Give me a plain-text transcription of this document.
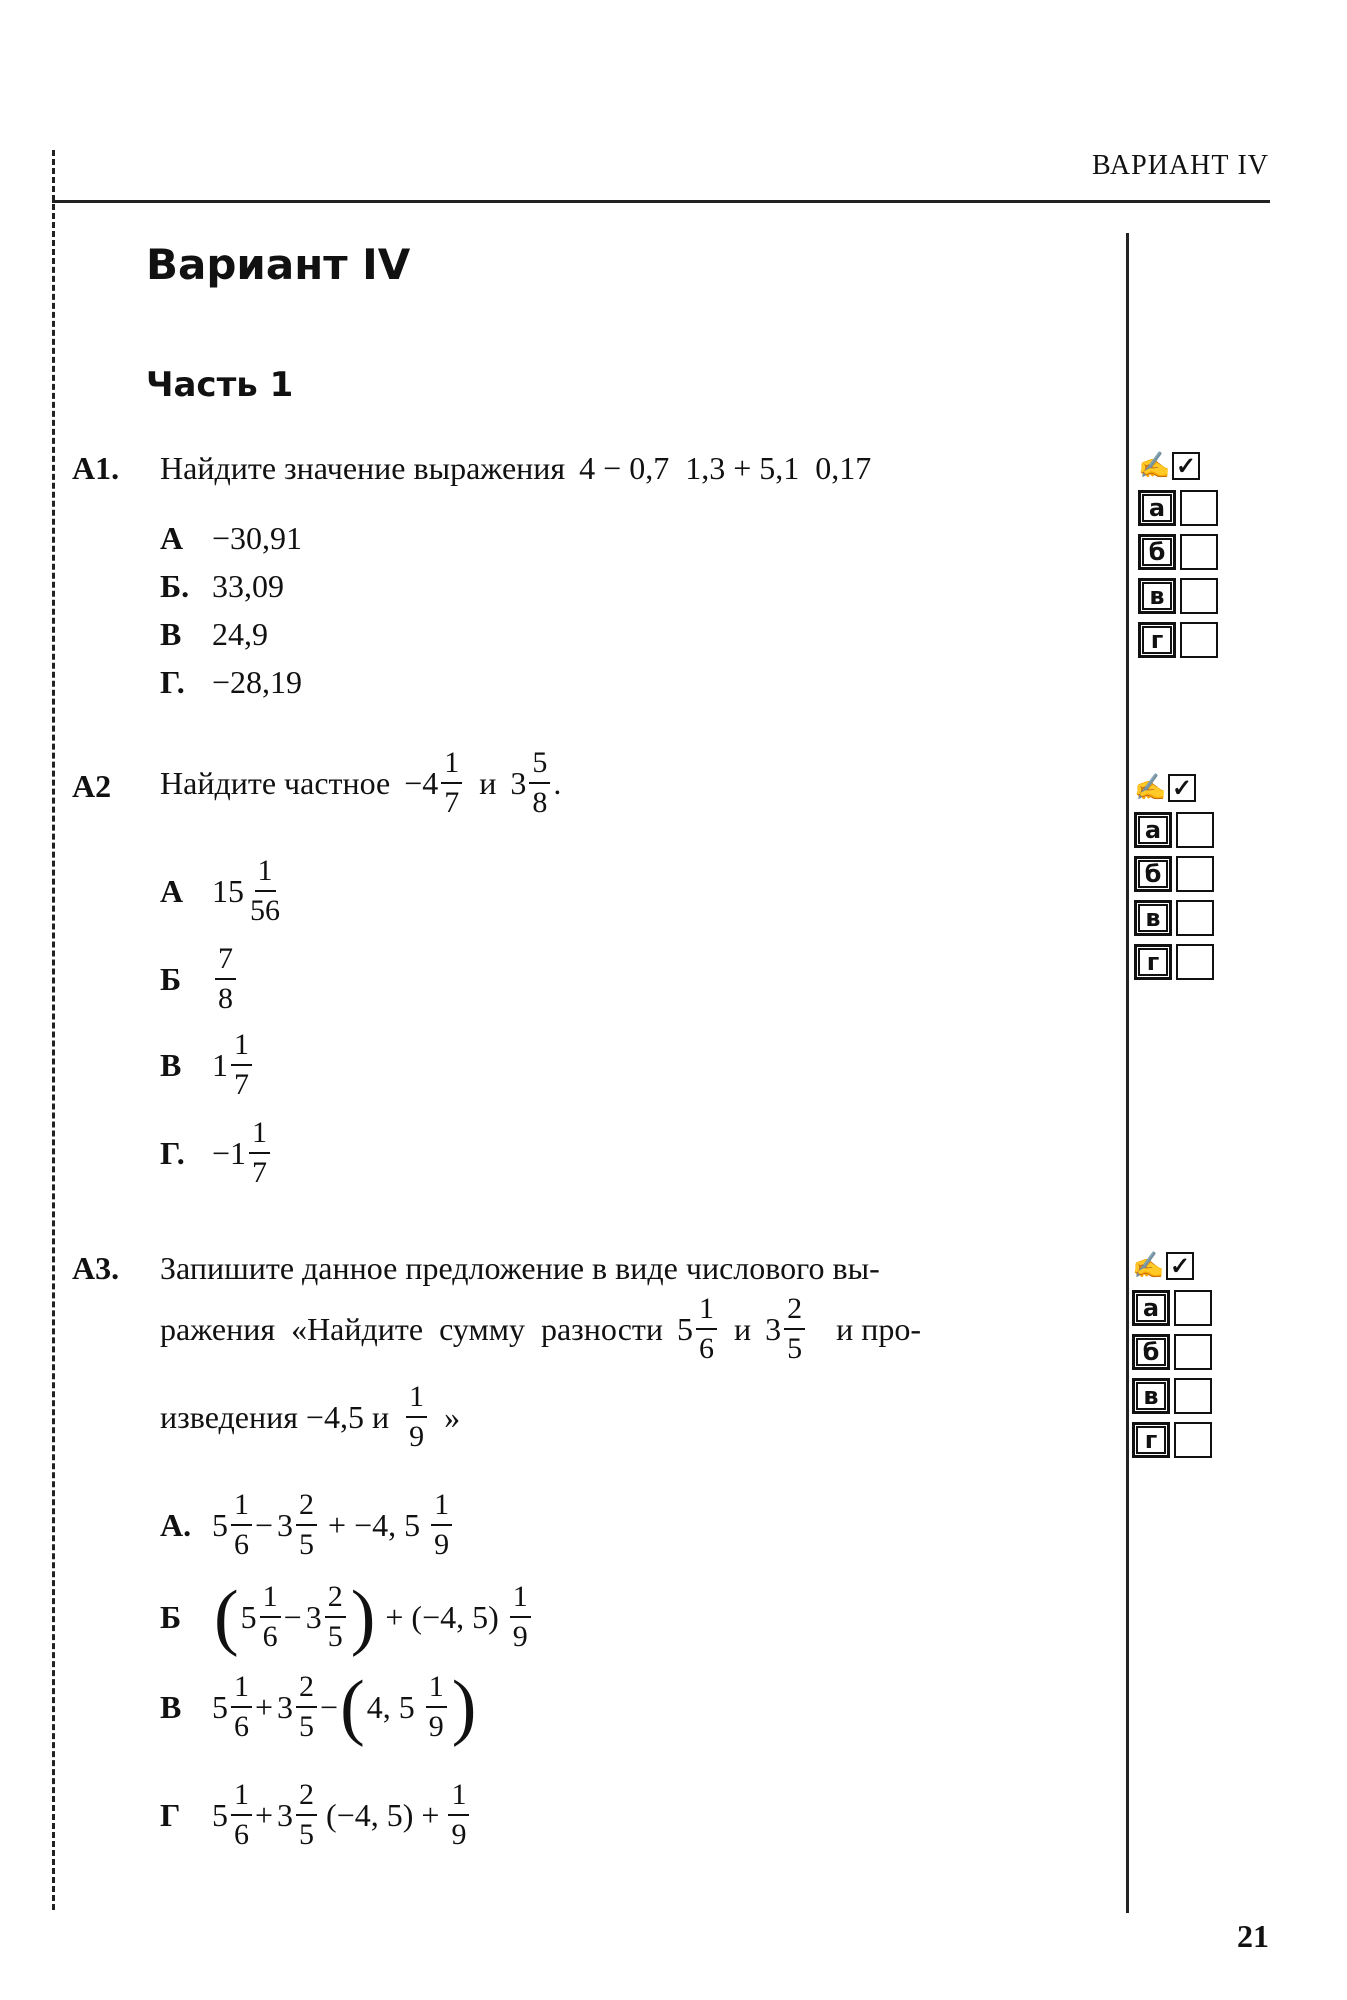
ВАРИАНТ IV
21
Вариант IV
Часть 1
А1. Найдите значение выражения 4 − 0,7  1,3 + 5,1  0,17
А −30,91
Б. 33,09
В 24,9
Г. −28,19
✍ ✓
а
б
в
г
А2 Найдите частное $-4 \frac{1}{7}$ и $3 \frac{5}{8}$ .
А $15 \frac{1}{56}$
Б	$\frac{7}{8}$
В $1 \frac{1}{7}$
Г. $-1 \frac{1}{7}$
✍ ✓
а
б
в
г
А3. Запишите данное предложение в виде числового вы-
ражения «Найдите сумму разности $5 \frac{1}{6}$ и $3 \frac{2}{5}$ и про-
изведения −4,5 и $\frac{1}{9}$ »
А. $5 \frac{1}{6} - 3 \frac{2}{5} + -4$, $5 \frac{1}{9}$
Б ( $5 \frac{1}{6} - 3 \frac{2}{5}$ ) + (−4, $5) \frac{1}{9}$
В $5 \frac{1}{6} + 3 \frac{2}{5}$ − ( 4, $5 \frac{1}{9}$ )
Г $5 \frac{1}{6} + 3 \frac{2}{5} (-4$, $5) + \frac{1}{9}$
✍ ✓
а
б
в
г
